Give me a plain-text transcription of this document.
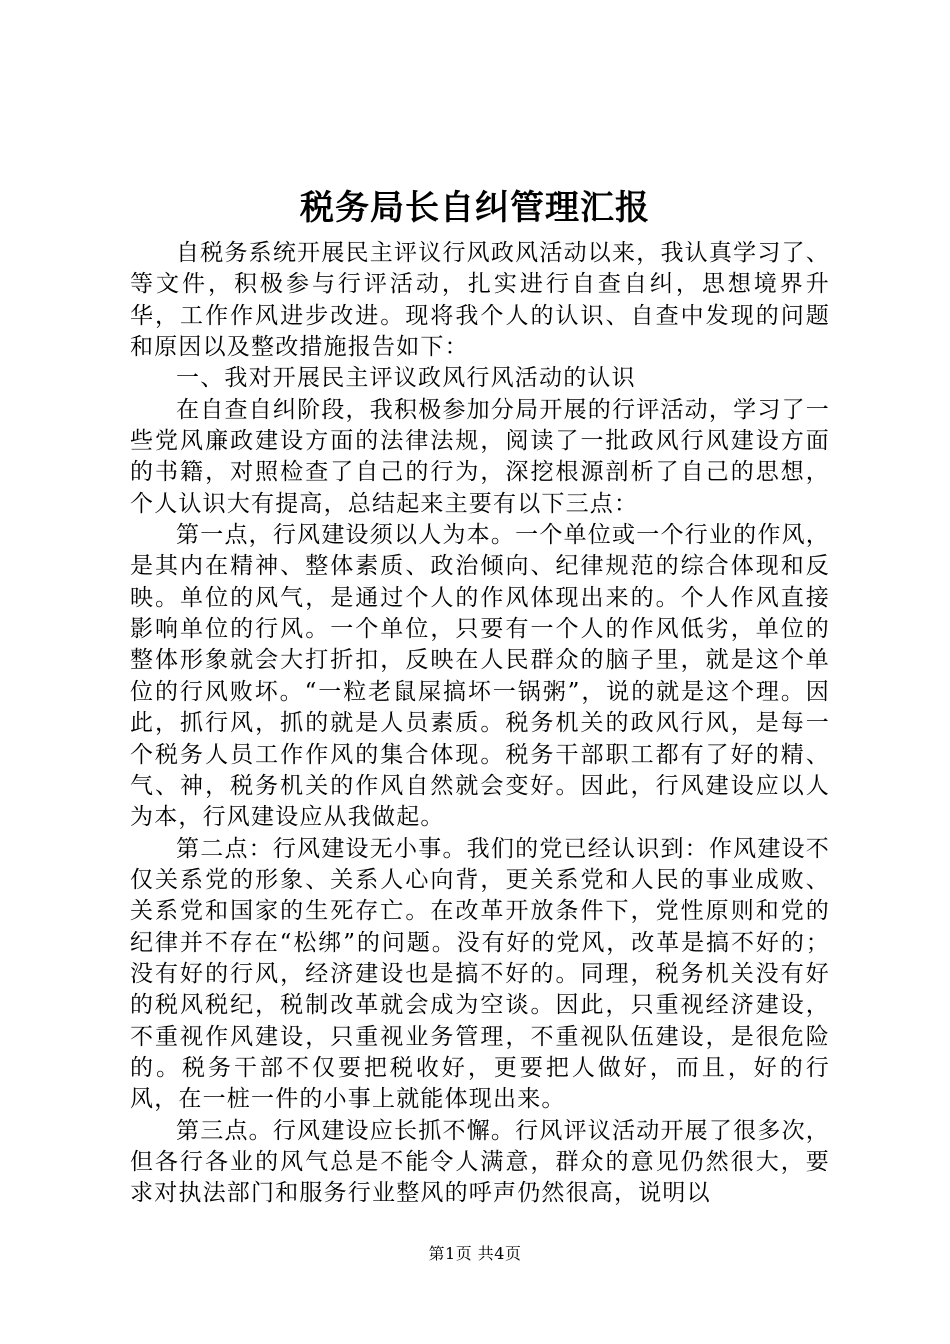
税务局长自纠管理汇报

自税务系统开展民主评议行风政风活动以来，我认真学习了、等文件，积极参与行评活动，扎实进行自查自纠，思想境界升华，工作作风进步改进。现将我个人的认识、自查中发现的问题和原因以及整改措施报告如下：

一、我对开展民主评议政风行风活动的认识

在自查自纠阶段，我积极参加分局开展的行评活动，学习了一些党风廉政建设方面的法律法规，阅读了一批政风行风建设方面的书籍，对照检查了自己的行为，深挖根源剖析了自己的思想，个人认识大有提高，总结起来主要有以下三点：

第一点，行风建设须以人为本。一个单位或一个行业的作风，是其内在精神、整体素质、政治倾向、纪律规范的综合体现和反映。单位的风气，是通过个人的作风体现出来的。个人作风直接影响单位的行风。一个单位，只要有一个人的作风低劣，单位的整体形象就会大打折扣，反映在人民群众的脑子里，就是这个单位的行风败坏。“一粒老鼠屎搞坏一锅粥”，说的就是这个理。因此，抓行风，抓的就是人员素质。税务机关的政风行风，是每一个税务人员工作作风的集合体现。税务干部职工都有了好的精、气、神，税务机关的作风自然就会变好。因此，行风建设应以人为本，行风建设应从我做起。

第二点：行风建设无小事。我们的党已经认识到：作风建设不仅关系党的形象、关系人心向背，更关系党和人民的事业成败、关系党和国家的生死存亡。在改革开放条件下，党性原则和党的纪律并不存在“松绑”的问题。没有好的党风，改革是搞不好的；没有好的行风，经济建设也是搞不好的。同理，税务机关没有好的税风税纪，税制改革就会成为空谈。因此，只重视经济建设，不重视作风建设，只重视业务管理，不重视队伍建设，是很危险的。税务干部不仅要把税收好，更要把人做好，而且，好的行风，在一桩一件的小事上就能体现出来。

第三点。行风建设应长抓不懈。行风评议活动开展了很多次，但各行各业的风气总是不能令人满意，群众的意见仍然很大，要求对执法部门和服务行业整风的呼声仍然很高，说明以

第1页 共4页
